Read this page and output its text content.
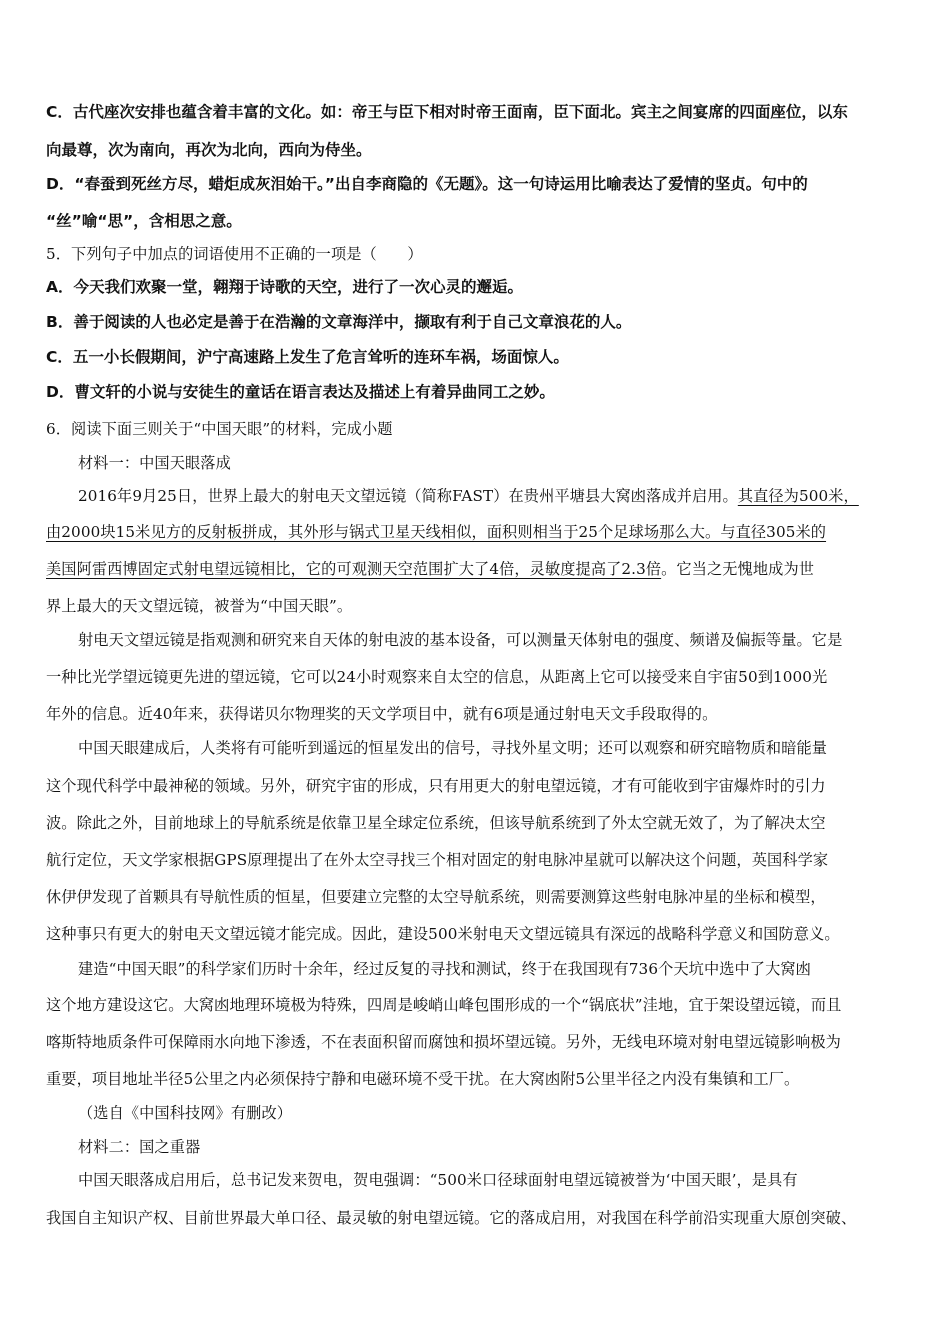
C．古代座次安排也蕴含着丰富的文化。如：帝王与臣下相对时帝王面南，臣下面北。宾主之间宴席的四面座位，以东
向最尊，次为南向，再次为北向，西向为侍坐。
D．“春蚕到死丝方尽，蜡炬成灰泪始干。”出自李商隐的《无题》。这一句诗运用比喻表达了爱情的坚贞。句中的
“丝”喻“思”，含相思之意。
5．下列句子中加点的词语使用不正确的一项是（　　）
A．今天我们欢聚一堂，翱翔于诗歌的天空，进行了一次心灵的邂逅。
B．善于阅读的人也必定是善于在浩瀚的文章海洋中，撷取有利于自己文章浪花的人。
C．五一小长假期间，沪宁高速路上发生了危言耸听的连环车祸，场面惊人。
D．曹文轩的小说与安徒生的童话在语言表达及描述上有着异曲同工之妙。
6．阅读下面三则关于“中国天眼”的材料，完成小题
材料一：中国天眼落成
2016年9月25日，世界上最大的射电天文望远镜（简称FAST）在贵州平塘县大窝凼落成并启用。其直径为500米，
由2000块15米见方的反射板拼成，其外形与锅式卫星天线相似，面积则相当于25个足球场那么大。与直径305米的
美国阿雷西博固定式射电望远镜相比，它的可观测天空范围扩大了4倍，灵敏度提高了2.3倍。它当之无愧地成为世
界上最大的天文望远镜，被誉为“中国天眼”。
射电天文望远镜是指观测和研究来自天体的射电波的基本设备，可以测量天体射电的强度、频谱及偏振等量。它是
一种比光学望远镜更先进的望远镜，它可以24小时观察来自太空的信息，从距离上它可以接受来自宇宙50到1000光
年外的信息。近40年来，获得诺贝尔物理奖的天文学项目中，就有6项是通过射电天文手段取得的。
中国天眼建成后，人类将有可能听到遥远的恒星发出的信号，寻找外星文明；还可以观察和研究暗物质和暗能量
这个现代科学中最神秘的领域。另外，研究宇宙的形成，只有用更大的射电望远镜，才有可能收到宇宙爆炸时的引力
波。除此之外，目前地球上的导航系统是依靠卫星全球定位系统，但该导航系统到了外太空就无效了，为了解决太空
航行定位，天文学家根据GPS原理提出了在外太空寻找三个相对固定的射电脉冲星就可以解决这个问题，英国科学家
休伊伊发现了首颗具有导航性质的恒星，但要建立完整的太空导航系统，则需要测算这些射电脉冲星的坐标和模型，
这种事只有更大的射电天文望远镜才能完成。因此，建设500米射电天文望远镜具有深远的战略科学意义和国防意义。
建造“中国天眼”的科学家们历时十余年，经过反复的寻找和测试，终于在我国现有736个天坑中选中了大窝凼
这个地方建设这它。大窝凼地理环境极为特殊，四周是峻峭山峰包围形成的一个“锅底状”洼地，宜于架设望远镜，而且
喀斯特地质条件可保障雨水向地下渗透，不在表面积留而腐蚀和损坏望远镜。另外，无线电环境对射电望远镜影响极为
重要，项目地址半径5公里之内必须保持宁静和电磁环境不受干扰。在大窝凼附5公里半径之内没有集镇和工厂。
（选自《中国科技网》有删改）
材料二：国之重器
中国天眼落成启用后，总书记发来贺电，贺电强调：“500米口径球面射电望远镜被誉为‘中国天眼’，是具有
我国自主知识产权、目前世界最大单口径、最灵敏的射电望远镜。它的落成启用，对我国在科学前沿实现重大原创突破、
